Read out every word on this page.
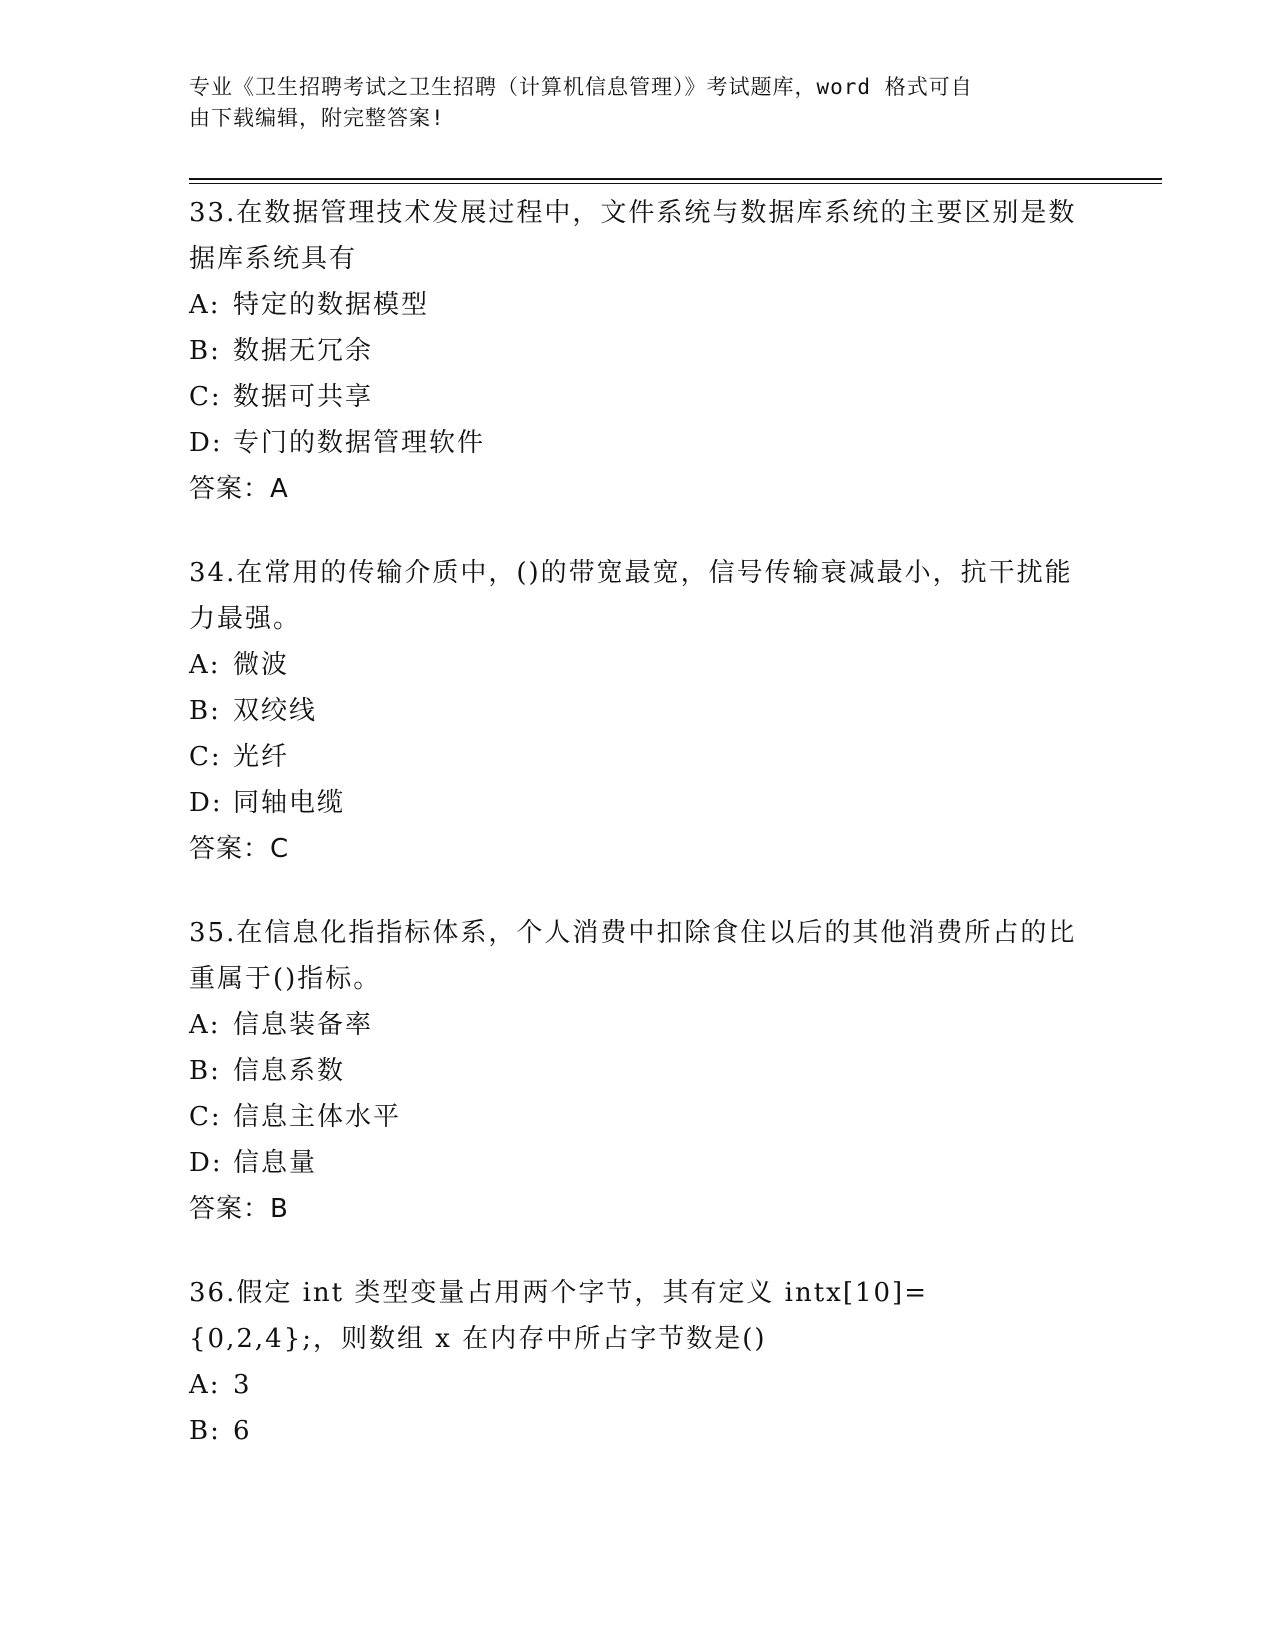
专业《卫生招聘考试之卫生招聘（计算机信息管理）》考试题库，word 格式可自
由下载编辑，附完整答案!

33.在数据管理技术发展过程中，文件系统与数据库系统的主要区别是数据库系统具有

A: 特定的数据模型

B: 数据无冗余

C: 数据可共享

D: 专门的数据管理软件

答案：A

34.在常用的传输介质中，()的带宽最宽，信号传输衰减最小，抗干扰能力最强。

A: 微波

B: 双绞线

C: 光纤

D: 同轴电缆

答案：C

35.在信息化指指标体系，个人消费中扣除食住以后的其他消费所占的比重属于()指标。

A: 信息装备率

B: 信息系数

C: 信息主体水平

D: 信息量

答案：B

36.假定 int 类型变量占用两个字节，其有定义 intx[10]={0,2,4};，则数组 x 在内存中所占字节数是()

A: 3

B: 6
